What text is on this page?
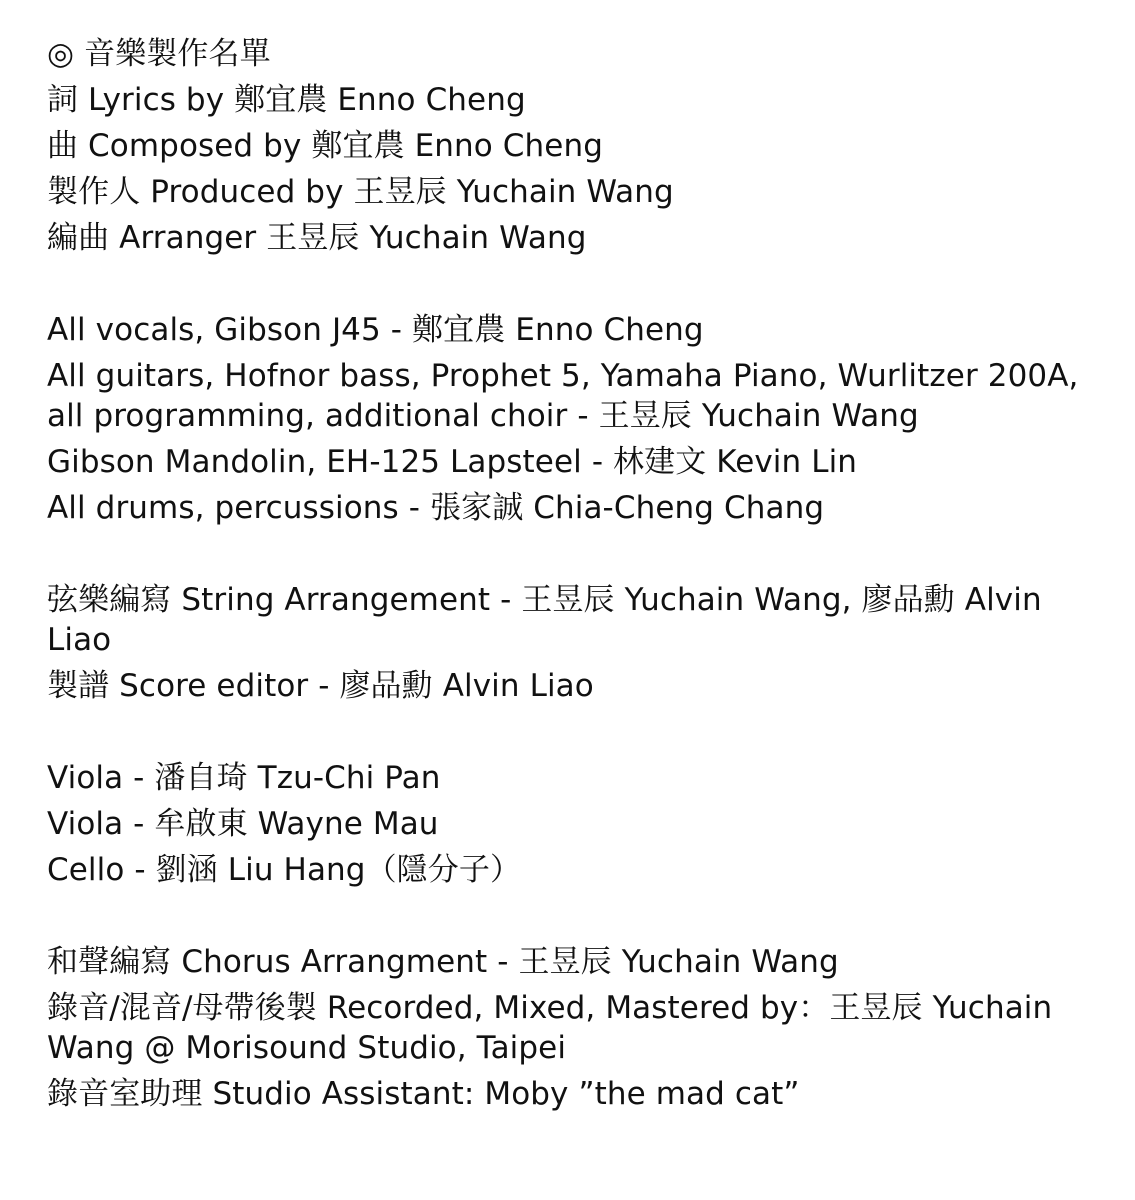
◎ 音樂製作名單
詞 Lyrics by 鄭宜農 Enno Cheng
曲 Composed by 鄭宜農 Enno Cheng
製作人 Produced by 王昱辰 Yuchain Wang
編曲 Arranger 王昱辰 Yuchain Wang
All vocals, Gibson J45 - 鄭宜農 Enno Cheng
All guitars, Hofnor bass, Prophet 5, Yamaha Piano, Wurlitzer 200A, all programming, additional choir - 王昱辰 Yuchain Wang
Gibson Mandolin, EH-125 Lapsteel - 林建文 Kevin Lin
All drums, percussions - 張家誠 Chia-Cheng Chang
弦樂編寫 String Arrangement - 王昱辰 Yuchain Wang, 廖品勳 Alvin Liao
製譜 Score editor - 廖品勳 Alvin Liao
Viola - 潘自琦 Tzu-Chi Pan
Viola - 牟啟東 Wayne Mau
Cello - 劉涵 Liu Hang（隱分子）
和聲編寫 Chorus Arrangment - 王昱辰 Yuchain Wang
錄音/混音/母帶後製 Recorded, Mixed, Mastered by：王昱辰 Yuchain Wang @ Morisound Studio, Taipei
錄音室助理 Studio Assistant: Moby ”the mad cat”
